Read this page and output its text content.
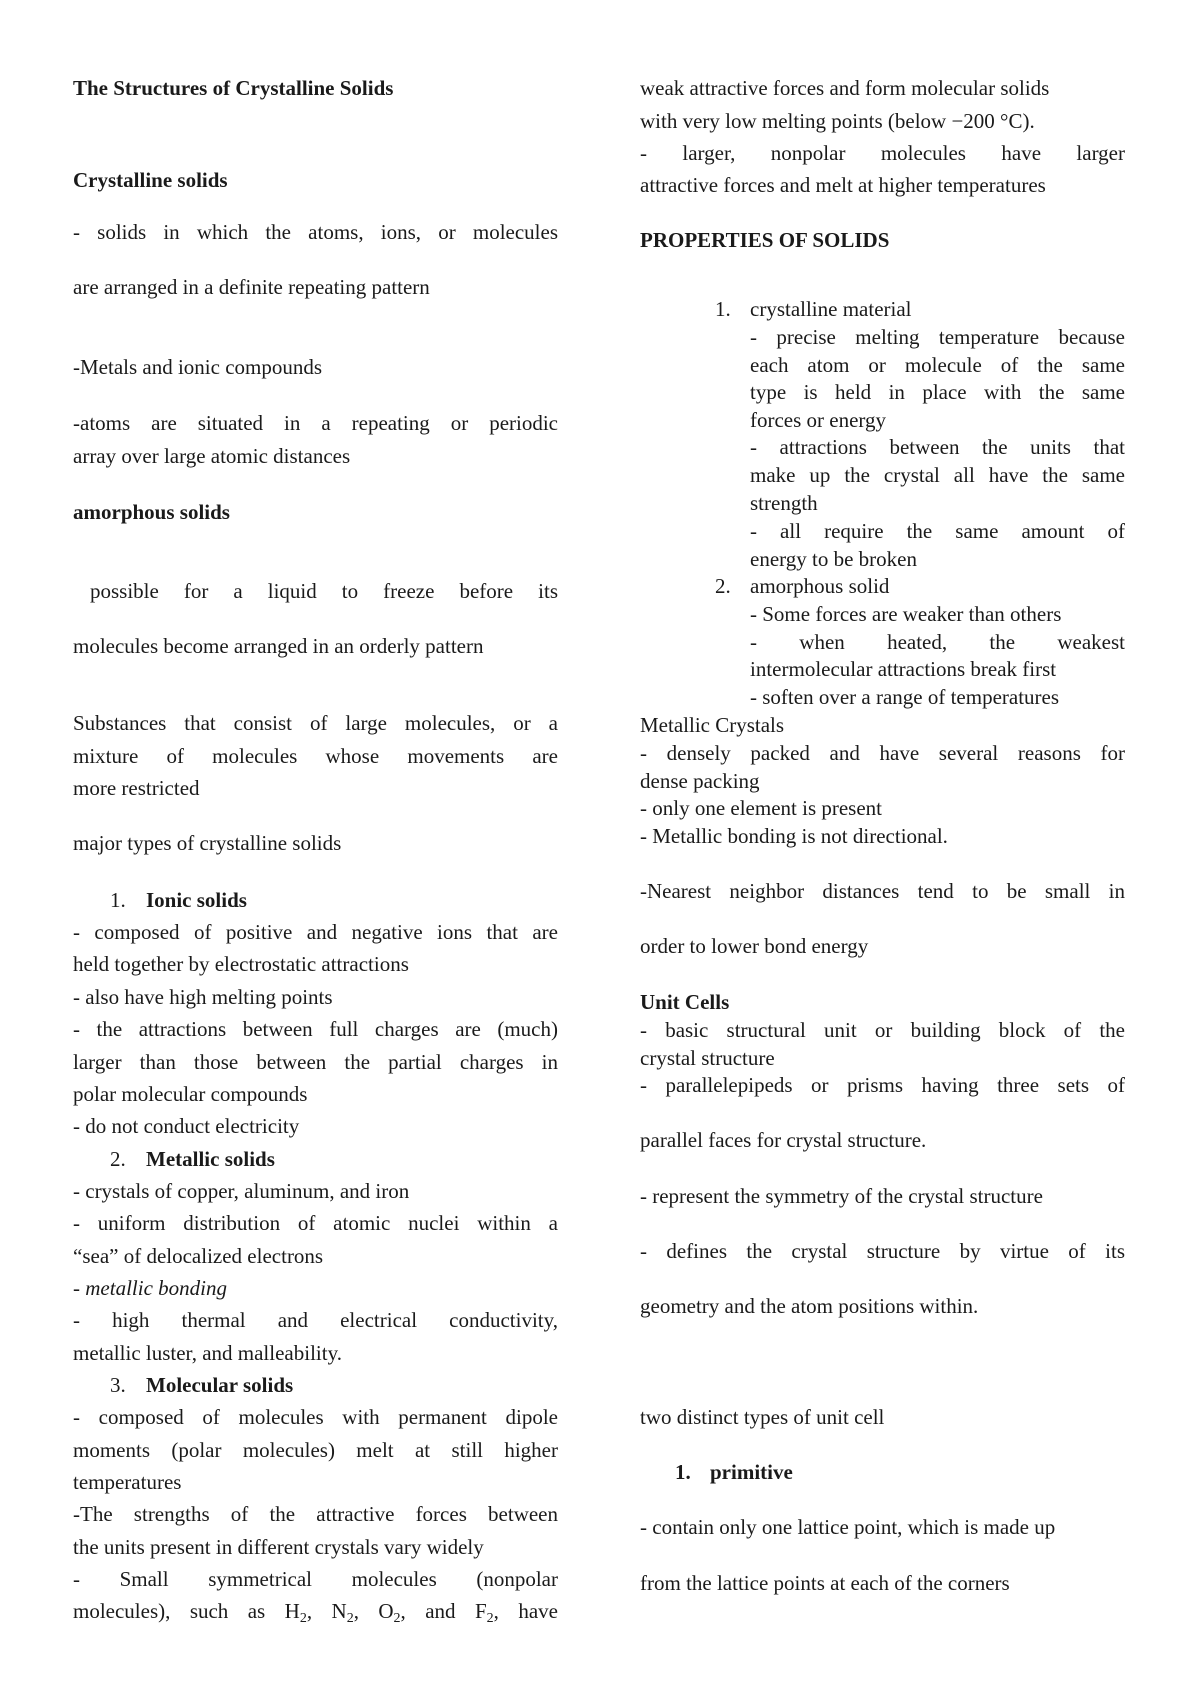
The Structures of Crystalline Solids
Crystalline solids
- solids in which the atoms, ions, or molecules
are arranged in a definite repeating pattern
-Metals and ionic compounds
-atoms are situated in a repeating or periodic
array over large atomic distances
amorphous solids
possible for a liquid to freeze before its
molecules become arranged in an orderly pattern
Substances that consist of large molecules, or a
mixture of molecules whose movements are
more restricted
major types of crystalline solids
1. Ionic solids
- composed of positive and negative ions that are
held together by electrostatic attractions
- also have high melting points
- the attractions between full charges are (much)
larger than those between the partial charges in
polar molecular compounds
- do not conduct electricity
2. Metallic solids
- crystals of copper, aluminum, and iron
- uniform distribution of atomic nuclei within a
“sea” of delocalized electrons
- metallic bonding
- high thermal and electrical conductivity,
metallic luster, and malleability.
3. Molecular solids
- composed of molecules with permanent dipole
moments (polar molecules) melt at still higher
temperatures
-The strengths of the attractive forces between
the units present in different crystals vary widely
- Small symmetrical molecules (nonpolar
molecules), such as $H_2$, $N_2$, $O_2$, and $F_2$, have
weak attractive forces and form molecular solids
with very low melting points (below −200 °C).
- larger, nonpolar molecules have larger
attractive forces and melt at higher temperatures
PROPERTIES OF SOLIDS
1. crystalline material
- precise melting temperature because
each atom or molecule of the same
type is held in place with the same
forces or energy
- attractions between the units that
make up the crystal all have the same
strength
- all require the same amount of
energy to be broken
2. amorphous solid
- Some forces are weaker than others
- when heated, the weakest
intermolecular attractions break first
- soften over a range of temperatures
Metallic Crystals
- densely packed and have several reasons for
dense packing
- only one element is present
- Metallic bonding is not directional.
-Nearest neighbor distances tend to be small in
order to lower bond energy
Unit Cells
- basic structural unit or building block of the
crystal structure
- parallelepipeds or prisms having three sets of
parallel faces for crystal structure.
- represent the symmetry of the crystal structure
- defines the crystal structure by virtue of its
geometry and the atom positions within.
two distinct types of unit cell
1. primitive
- contain only one lattice point, which is made up
from the lattice points at each of the corners
